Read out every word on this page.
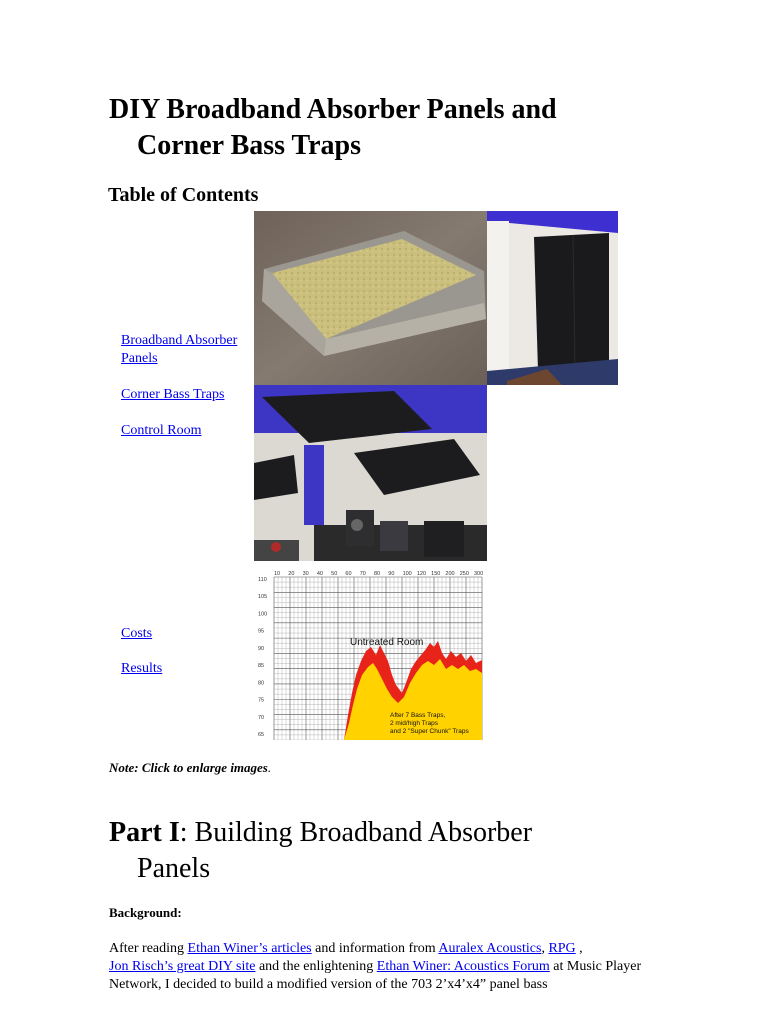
DIY Broadband Absorber Panels and
Corner Bass Traps
Table of Contents
Broadband Absorber
Panels
Corner Bass Traps
Control Room
Costs
Results
Untreated Room
After 7 Bass Traps,
2 mid/high Traps
and 2 "Super Chunk" Traps
10 20 30 40 50 60 70 80 90 100 120 150 200 250 300
110
105
100
95
90
85
80
75
70
65
Note: Click to enlarge images.
Part I: Building Broadband Absorber
Panels
Background:
After reading Ethan Winer’s articles and information from Auralex Acoustics, RPG ,
Jon Risch’s great DIY site and the enlightening Ethan Winer: Acoustics Forum at Music Player Network, I decided to build a modified version of the 703 2’x4’x4” panel bass
